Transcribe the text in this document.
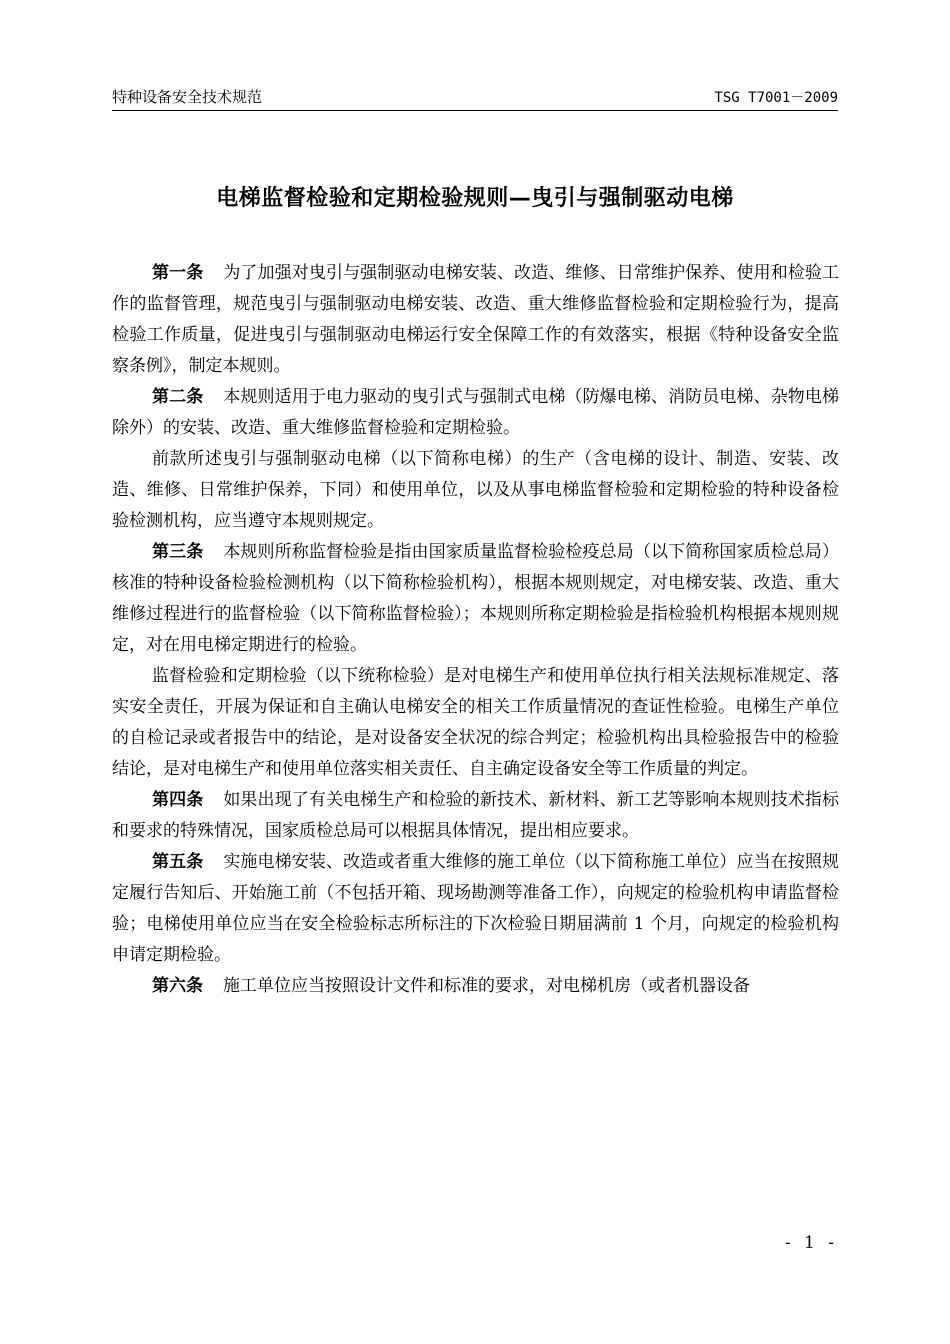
特种设备安全技术规范	TSG T7001－2009
电梯监督检验和定期检验规则—曳引与强制驱动电梯

第一条 为了加强对曳引与强制驱动电梯安装、改造、维修、日常维护保养、使用和检验工作的监督管理，规范曳引与强制驱动电梯安装、改造、重大维修监督检验和定期检验行为，提高检验工作质量，促进曳引与强制驱动电梯运行安全保障工作的有效落实，根据《特种设备安全监察条例》，制定本规则。

第二条 本规则适用于电力驱动的曳引式与强制式电梯（防爆电梯、消防员电梯、杂物电梯除外）的安装、改造、重大维修监督检验和定期检验。

前款所述曳引与强制驱动电梯（以下简称电梯）的生产（含电梯的设计、制造、安装、改造、维修、日常维护保养，下同）和使用单位，以及从事电梯监督检验和定期检验的特种设备检验检测机构，应当遵守本规则规定。

第三条 本规则所称监督检验是指由国家质量监督检验检疫总局（以下简称国家质检总局）核准的特种设备检验检测机构（以下简称检验机构），根据本规则规定，对电梯安装、改造、重大维修过程进行的监督检验（以下简称监督检验）；本规则所称定期检验是指检验机构根据本规则规定，对在用电梯定期进行的检验。

监督检验和定期检验（以下统称检验）是对电梯生产和使用单位执行相关法规标准规定、落实安全责任，开展为保证和自主确认电梯安全的相关工作质量情况的查证性检验。电梯生产单位的自检记录或者报告中的结论，是对设备安全状况的综合判定；检验机构出具检验报告中的检验结论，是对电梯生产和使用单位落实相关责任、自主确定设备安全等工作质量的判定。

第四条 如果出现了有关电梯生产和检验的新技术、新材料、新工艺等影响本规则技术指标和要求的特殊情况，国家质检总局可以根据具体情况，提出相应要求。

第五条 实施电梯安装、改造或者重大维修的施工单位（以下简称施工单位）应当在按照规定履行告知后、开始施工前（不包括开箱、现场勘测等准备工作），向规定的检验机构申请监督检验；电梯使用单位应当在安全检验标志所标注的下次检验日期届满前 1 个月，向规定的检验机构申请定期检验。

第六条 施工单位应当按照设计文件和标准的要求，对电梯机房（或者机器设备

- 1 -
